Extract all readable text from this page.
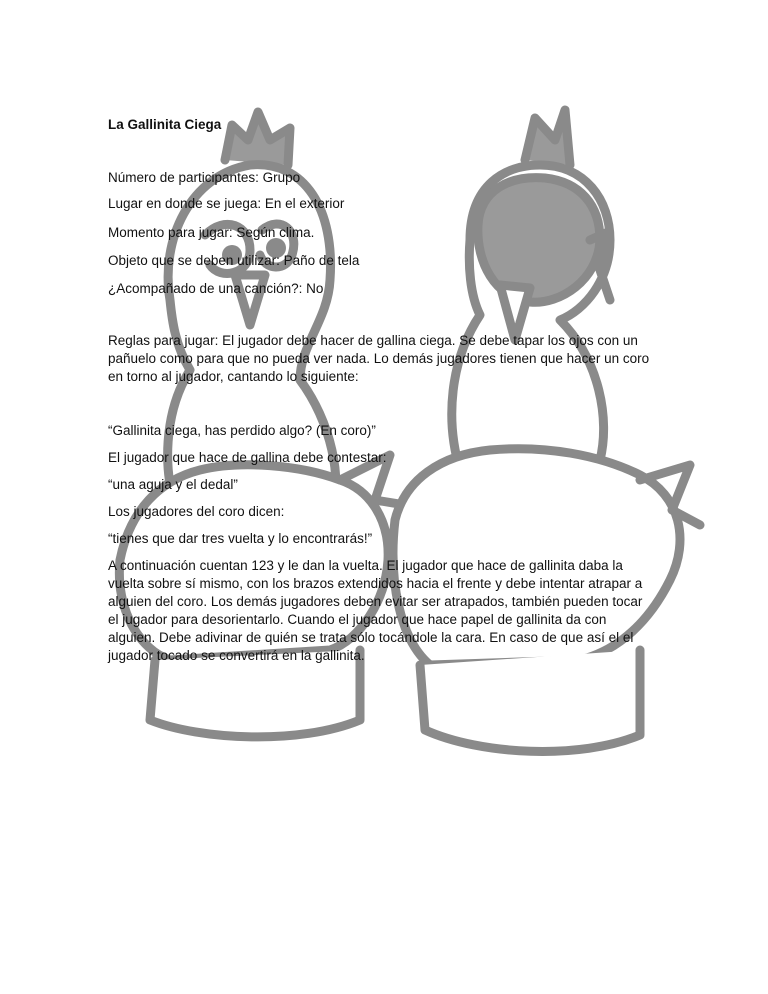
La Gallinita Ciega
Número de participantes: Grupo
Lugar en donde se juega: En el exterior
Momento para jugar: Según clima.
Objeto que se deben utilizar: Paño de tela
¿Acompañado de una canción?: No
Reglas para jugar: El jugador debe hacer de gallina ciega. Se debe tapar los ojos con un
pañuelo como para que no pueda ver nada. Lo demás jugadores tienen que hacer un coro
en torno al jugador, cantando lo siguiente:
“Gallinita ciega, has perdido algo? (En coro)”
El jugador que hace de gallina debe contestar:
“una aguja y el dedal”
Los jugadores del coro dicen:
“tienes que dar tres vuelta y lo encontrarás!”
A continuación cuentan 123 y le dan la vuelta. El jugador que hace de gallinita daba la
vuelta sobre sí mismo, con los brazos extendidos hacia el frente y debe intentar atrapar a
alguien del coro. Los demás jugadores deben evitar ser atrapados, también pueden tocar
el jugador para desorientarlo. Cuando el jugador que hace papel de gallinita da con
alguien. Debe adivinar de quién se trata sólo tocándole la cara. En caso de que así el el
jugador tocado se convertirá en la gallinita.
